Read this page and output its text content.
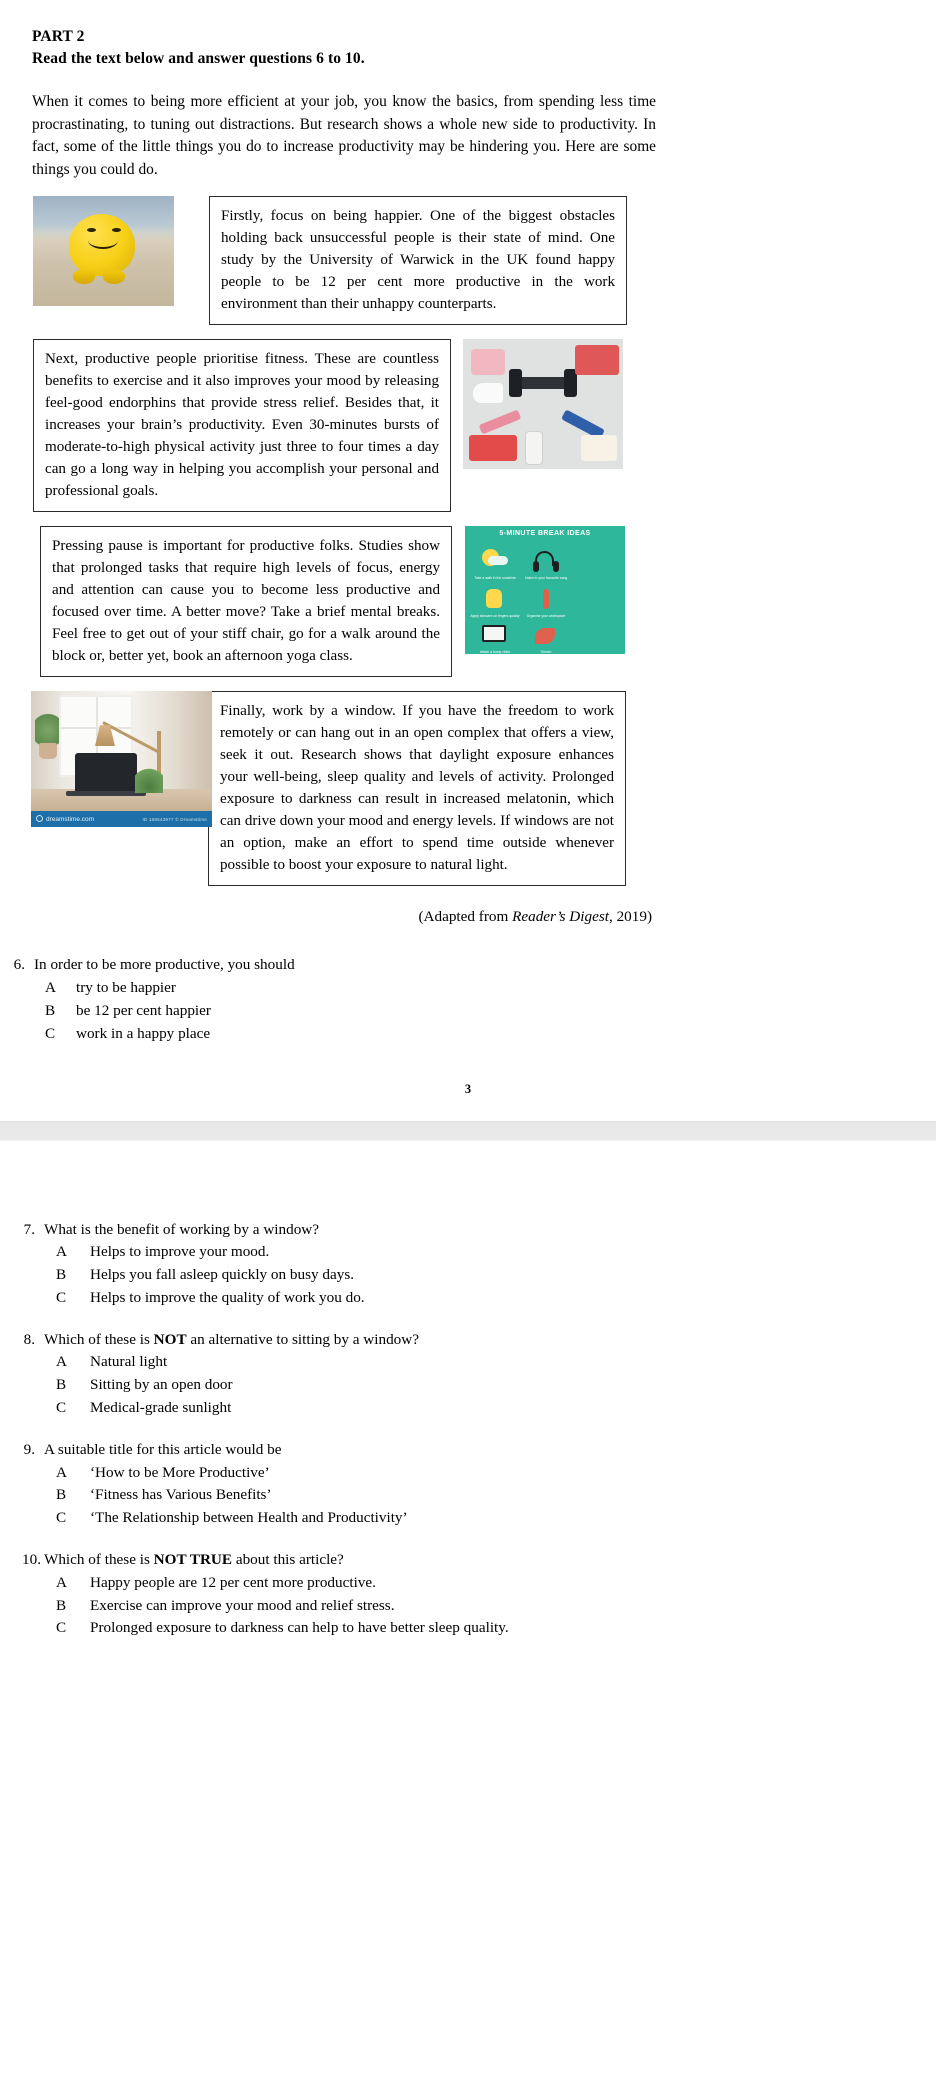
PART 2
Read the text below and answer questions 6 to 10.

When it comes to being more efficient at your job, you know the basics, from spending less time procrastinating, to tuning out distractions. But research shows a whole new side to productivity. In fact, some of the little things you do to increase productivity may be hindering you. Here are some things you could do.

Firstly, focus on being happier. One of the biggest obstacles holding back unsuccessful people is their state of mind. One study by the University of Warwick in the UK found happy people to be 12 per cent more productive in the work environment than their unhappy counterparts.
Next, productive people prioritise fitness. These are countless benefits to exercise and it also improves your mood by releasing feel-good endorphins that provide stress relief. Besides that, it increases your brain’s productivity. Even 30-minutes bursts of moderate-to-high physical activity just three to four times a day can go a long way in helping you accomplish your personal and professional goals.
Pressing pause is important for productive folks. Studies show that prolonged tasks that require high levels of focus, energy and attention can cause you to become less productive and focused over time. A better move? Take a brief mental breaks. Feel free to get out of your stiff chair, go for a walk around the block or, better yet, book an afternoon yoga class.
5-MINUTE BREAK IDEAS
Take a walk in the sunshine	Listen to your favourite song
Apply skincare on fingers quickly	Organise your workspace
Watch a funny video	Stretch
dreamstime.com	ID 168543977 © Dreamstime
Finally, work by a window. If you have the freedom to work remotely or can hang out in an open complex that offers a view, seek it out. Research shows that daylight exposure enhances your well-being, sleep quality and levels of activity. Prolonged exposure to darkness can result in increased melatonin, which can drive down your mood and energy levels. If windows are not an option, make an effort to spend time outside whenever possible to boost your exposure to natural light.
(Adapted from Reader’s Digest, 2019)
6. In order to be more productive, you should
A	try to be happier
B	be 12 per cent happier
C	work in a happy place
3
7. What is the benefit of working by a window?
A	Helps to improve your mood.
B	Helps you fall asleep quickly on busy days.
C	Helps to improve the quality of work you do.
8. Which of these is NOT an alternative to sitting by a window?
A	Natural light
B	Sitting by an open door
C	Medical-grade sunlight
9. A suitable title for this article would be
A	‘How to be More Productive’
B	‘Fitness has Various Benefits’
C	‘The Relationship between Health and Productivity’
10. Which of these is NOT TRUE about this article?
A	Happy people are 12 per cent more productive.
B	Exercise can improve your mood and relief stress.
C	Prolonged exposure to darkness can help to have better sleep quality.
